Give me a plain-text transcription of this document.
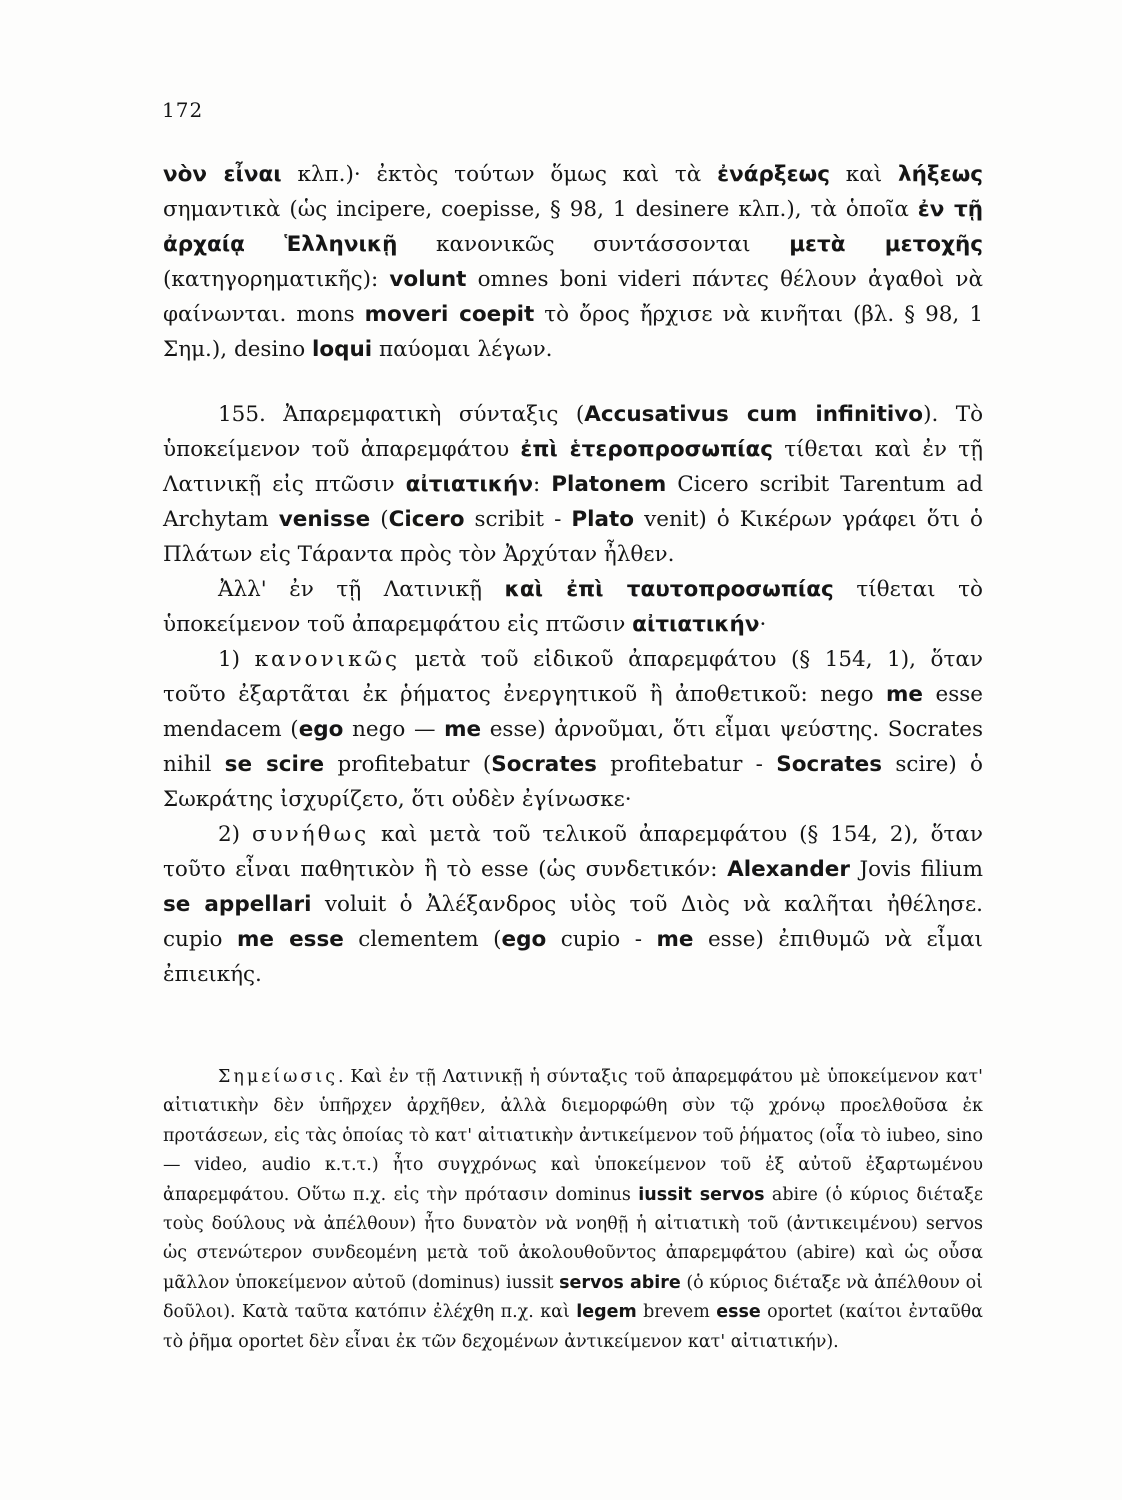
172

νὸν εἶναι κλπ.)· ἐκτὸς τούτων ὅμως καὶ τὰ ἐνάρξεως καὶ λήξεως σημαντικὰ (ὡς incipere, coepisse, § 98, 1 desinere κλπ.), τὰ ὁποῖα ἐν τῇ ἀρχαίᾳ Ἑλληνικῇ κανονικῶς συντάσσονται μετὰ μετοχῆς (κατηγορηματικῆς): volunt omnes boni videri πάντες θέλουν ἀγαθοὶ νὰ φαίνωνται. mons moveri coepit τὸ ὄρος ἤρχισε νὰ κινῆται (βλ. § 98, 1 Σημ.), desino loqui παύομαι λέγων.

155. Ἀπαρεμφατικὴ σύνταξις (Accusativus cum infinitivo). Τὸ ὑποκείμενον τοῦ ἀπαρεμφάτου ἐπὶ ἑτεροπροσωπίας τίθεται καὶ ἐν τῇ Λατινικῇ εἰς πτῶσιν αἰτιατικήν: Platonem Cicero scribit Tarentum ad Archytam venisse (Cicero scribit - Plato venit) ὁ Κικέρων γράφει ὅτι ὁ Πλάτων εἰς Τάραντα πρὸς τὸν Ἀρχύταν ἦλθεν.

Ἀλλ' ἐν τῇ Λατινικῇ καὶ ἐπὶ ταυτοπροσωπίας τίθεται τὸ ὑποκείμενον τοῦ ἀπαρεμφάτου εἰς πτῶσιν αἰτιατικήν·

1) κανονικῶς μετὰ τοῦ εἰδικοῦ ἀπαρεμφάτου (§ 154, 1), ὅταν τοῦτο ἐξαρτᾶται ἐκ ῥήματος ἐνεργητικοῦ ἢ ἀποθετικοῦ: nego me esse mendacem (ego nego — me esse) ἀρνοῦμαι, ὅτι εἶμαι ψεύστης. Socrates nihil se scire profitebatur (Socrates profitebatur - Socrates scire) ὁ Σωκράτης ἰσχυρίζετο, ὅτι οὐδὲν ἐγίνωσκε·

2) συνήθως καὶ μετὰ τοῦ τελικοῦ ἀπαρεμφάτου (§ 154, 2), ὅταν τοῦτο εἶναι παθητικὸν ἢ τὸ esse (ὡς συνδετικόν: Alexander Jovis filium se appellari voluit ὁ Ἀλέξανδρος υἱὸς τοῦ Διὸς νὰ καλῆται ἠθέλησε. cupio me esse clementem (ego cupio - me esse) ἐπιθυμῶ νὰ εἶμαι ἐπιεικής.

Σημείωσις. Καὶ ἐν τῇ Λατινικῇ ἡ σύνταξις τοῦ ἀπαρεμφάτου μὲ ὑποκείμενον κατ' αἰτιατικὴν δὲν ὑπῆρχεν ἀρχῆθεν, ἀλλὰ διεμορφώθη σὺν τῷ χρόνῳ προελθοῦσα ἐκ προτάσεων, εἰς τὰς ὁποίας τὸ κατ' αἰτιατικὴν ἀντικείμενον τοῦ ῥήματος (οἷα τὸ iubeo, sino — video, audio κ.τ.τ.) ἦτο συγχρόνως καὶ ὑποκείμενον τοῦ ἐξ αὐτοῦ ἐξαρτωμένου ἀπαρεμφάτου. Οὕτω π.χ. εἰς τὴν πρότασιν dominus iussit servos abire (ὁ κύριος διέταξε τοὺς δούλους νὰ ἀπέλθουν) ἦτο δυνατὸν νὰ νοηθῇ ἡ αἰτιατικὴ τοῦ (ἀντικειμένου) servos ὡς στενώτερον συνδεομένη μετὰ τοῦ ἀκολουθοῦντος ἀπαρεμφάτου (abire) καὶ ὡς οὖσα μᾶλλον ὑποκείμενον αὐτοῦ (dominus) iussit servos abire (ὁ κύριος διέταξε νὰ ἀπέλθουν οἱ δοῦλοι). Κατὰ ταῦτα κατόπιν ἐλέχθη π.χ. καὶ legem brevem esse oportet (καίτοι ἐνταῦθα τὸ ῥῆμα oportet δὲν εἶναι ἐκ τῶν δεχομένων ἀντικείμενον κατ' αἰτιατικήν).
